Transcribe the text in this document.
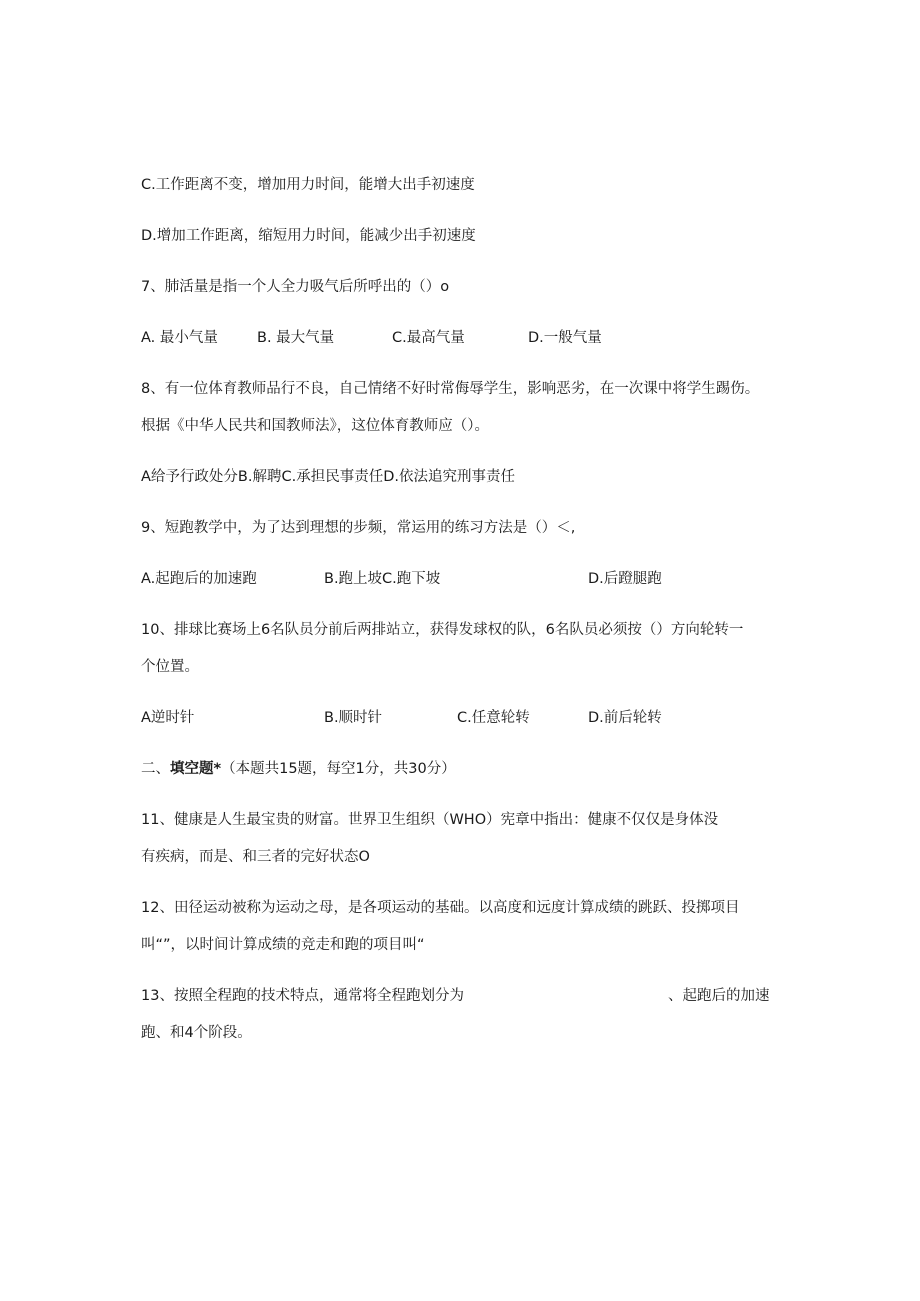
C.工作距离不变，增加用力时间，能增大出手初速度
D.增加工作距离，缩短用力时间，能减少出手初速度
7、肺活量是指一个人全力吸气后所呼出的（）o
A. 最小气量	B. 最大气量	C.最高气量	D.一般气量
8、有一位体育教师品行不良，自己情绪不好时常侮辱学生，影响恶劣，在一次课中将学生踢伤。
根据《中华人民共和国教师法》，这位体育教师应（）。
A给予行政处分B.解聘C.承担民事责任D.依法追究刑事责任
9、短跑教学中，为了达到理想的步频，常运用的练习方法是（）＜,
A.起跑后的加速跑	B.跑上坡C.跑下坡	D.后蹬腿跑
10、排球比赛场上6名队员分前后两排站立，获得发球权的队，6名队员必须按（）方向轮转一
个位置。
A逆时针	B.顺时针	C.任意轮转	D.前后轮转
二、填空题*（本题共15题，每空1分，共30分）
11、健康是人生最宝贵的财富。世界卫生组织（WHO）宪章中指出：健康不仅仅是身体没
有疾病，而是、和三者的完好状态O
12、田径运动被称为运动之母，是各项运动的基础。以高度和远度计算成绩的跳跃、投掷项目
叫“”，以时间计算成绩的竞走和跑的项目叫“
13、按照全程跑的技术特点，通常将全程跑划分为	、起跑后的加速
跑、和4个阶段。
